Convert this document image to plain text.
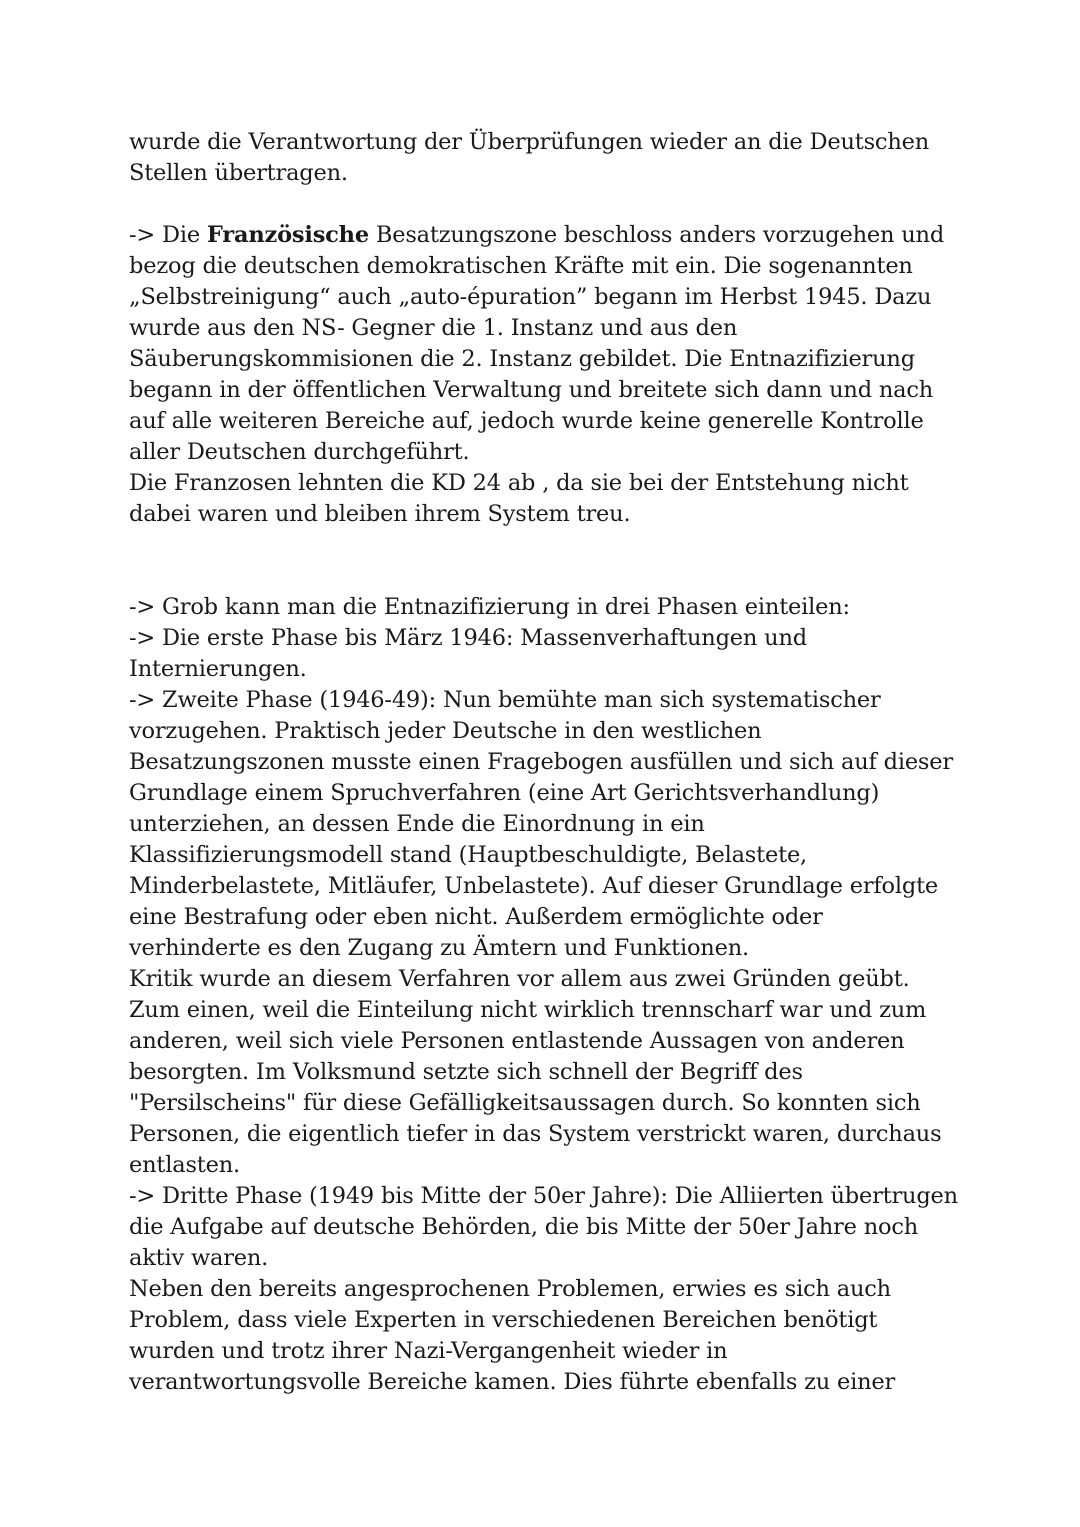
wurde die Verantwortung der Überprüfungen wieder an die Deutschen
Stellen übertragen.

-> Die Französische Besatzungszone beschloss anders vorzugehen und
bezog die deutschen demokratischen Kräfte mit ein. Die sogenannten
„Selbstreinigung“ auch „auto-épuration” begann im Herbst 1945. Dazu
wurde aus den NS- Gegner die 1. Instanz und aus den
Säuberungskommisionen die 2. Instanz gebildet. Die Entnazifizierung
begann in der öffentlichen Verwaltung und breitete sich dann und nach
auf alle weiteren Bereiche auf, jedoch wurde keine generelle Kontrolle
aller Deutschen durchgeführt.
Die Franzosen lehnten die KD 24 ab , da sie bei der Entstehung nicht
dabei waren und bleiben ihrem System treu.

-> Grob kann man die Entnazifizierung in drei Phasen einteilen:
-> Die erste Phase bis März 1946: Massenverhaftungen und
Internierungen.
-> Zweite Phase (1946-49): Nun bemühte man sich systematischer
vorzugehen. Praktisch jeder Deutsche in den westlichen
Besatzungszonen musste einen Fragebogen ausfüllen und sich auf dieser
Grundlage einem Spruchverfahren (eine Art Gerichtsverhandlung)
unterziehen, an dessen Ende die Einordnung in ein
Klassifizierungsmodell stand (Hauptbeschuldigte, Belastete,
Minderbelastete, Mitläufer, Unbelastete). Auf dieser Grundlage erfolgte
eine Bestrafung oder eben nicht. Außerdem ermöglichte oder
verhinderte es den Zugang zu Ämtern und Funktionen.
Kritik wurde an diesem Verfahren vor allem aus zwei Gründen geübt.
Zum einen, weil die Einteilung nicht wirklich trennscharf war und zum
anderen, weil sich viele Personen entlastende Aussagen von anderen
besorgten. Im Volksmund setzte sich schnell der Begriff des
"Persilscheins" für diese Gefälligkeitsaussagen durch. So konnten sich
Personen, die eigentlich tiefer in das System verstrickt waren, durchaus
entlasten.
-> Dritte Phase (1949 bis Mitte der 50er Jahre): Die Alliierten übertrugen
die Aufgabe auf deutsche Behörden, die bis Mitte der 50er Jahre noch
aktiv waren.
Neben den bereits angesprochenen Problemen, erwies es sich auch
Problem, dass viele Experten in verschiedenen Bereichen benötigt
wurden und trotz ihrer Nazi-Vergangenheit wieder in
verantwortungsvolle Bereiche kamen. Dies führte ebenfalls zu einer
